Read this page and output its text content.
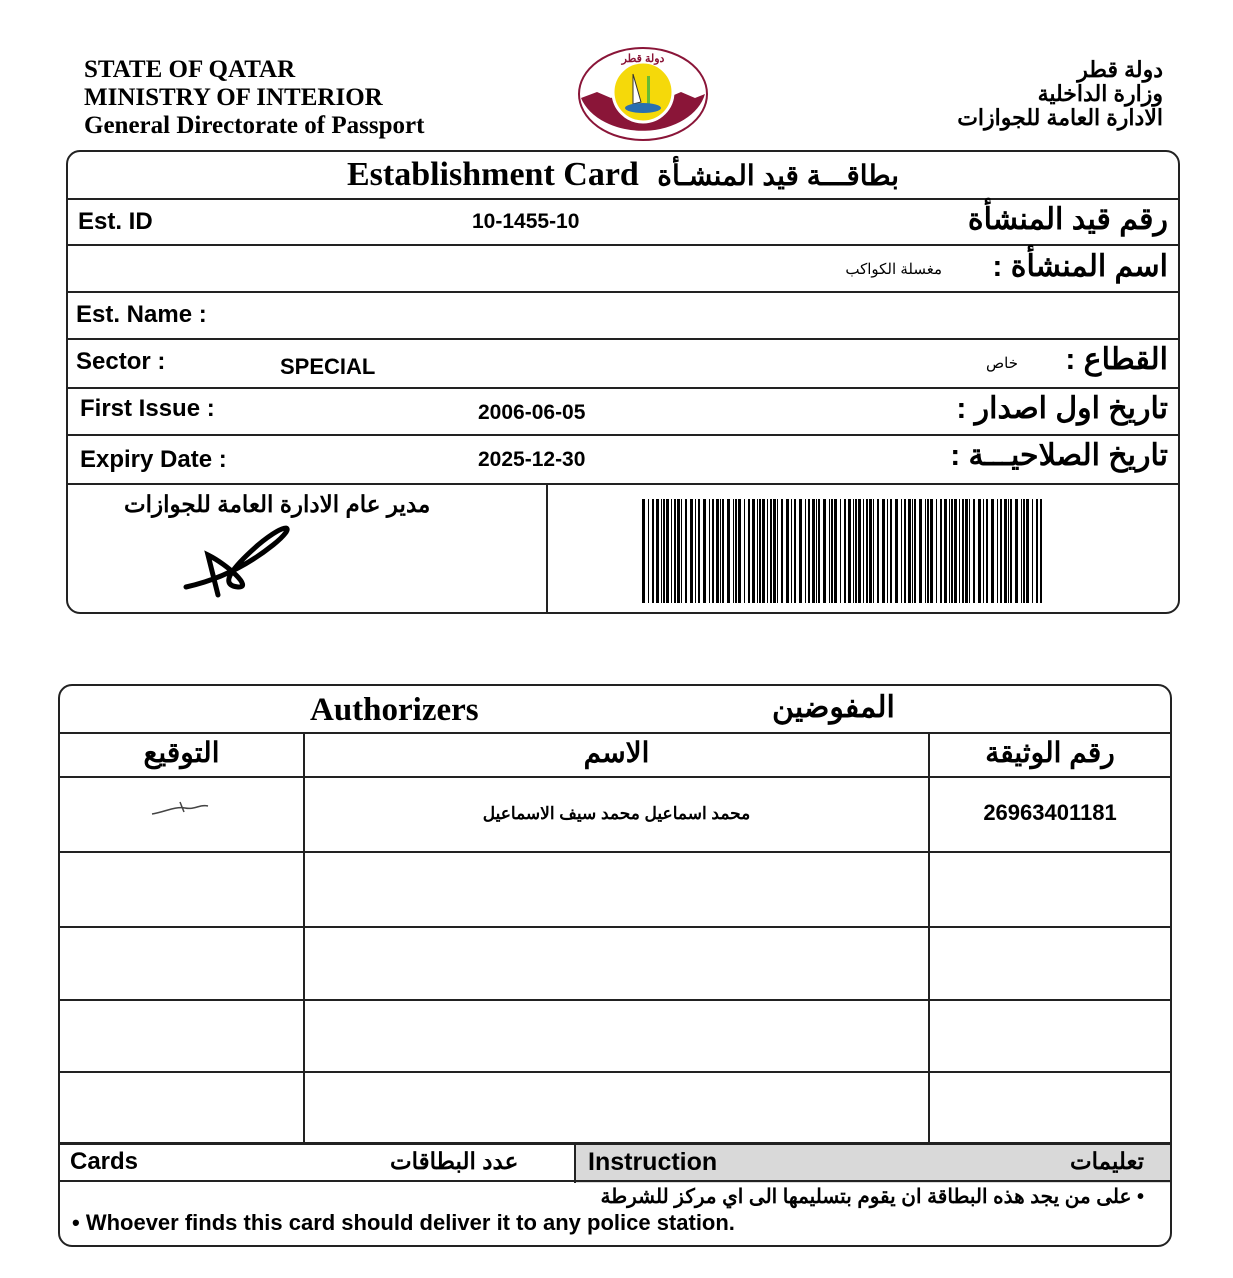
STATE OF QATAR
MINISTRY OF INTERIOR
General Directorate of Passport
دولة قطر	دولة قطر
وزارة الداخلية
الادارة العامة للجوازات
Establishment Card بطاقـــة قيد المنشـأة
Est. ID	10-1455-10	رقم قيد المنشأة
اسم المنشأة :
مغسلة الكواكب
Est. Name :
Sector :	SPECIAL	القطاع :
خاص
First Issue :	2006-06-05	تاريخ اول اصدار :
Expiry Date :	2025-12-30	تاريخ الصلاحيـــة :
مدير عام الادارة العامة للجوازات
Authorizers	المفوضين
التوقيع	الاسم	رقم الوثيقة
محمد اسماعيل محمد سيف الاسماعيل	26963401181
Cards	عدد البطاقات	Instruction	تعليمات
• على من يجد هذه البطاقة ان يقوم بتسليمها الى اي مركز للشرطة
• Whoever finds this card should deliver it to any police station.
